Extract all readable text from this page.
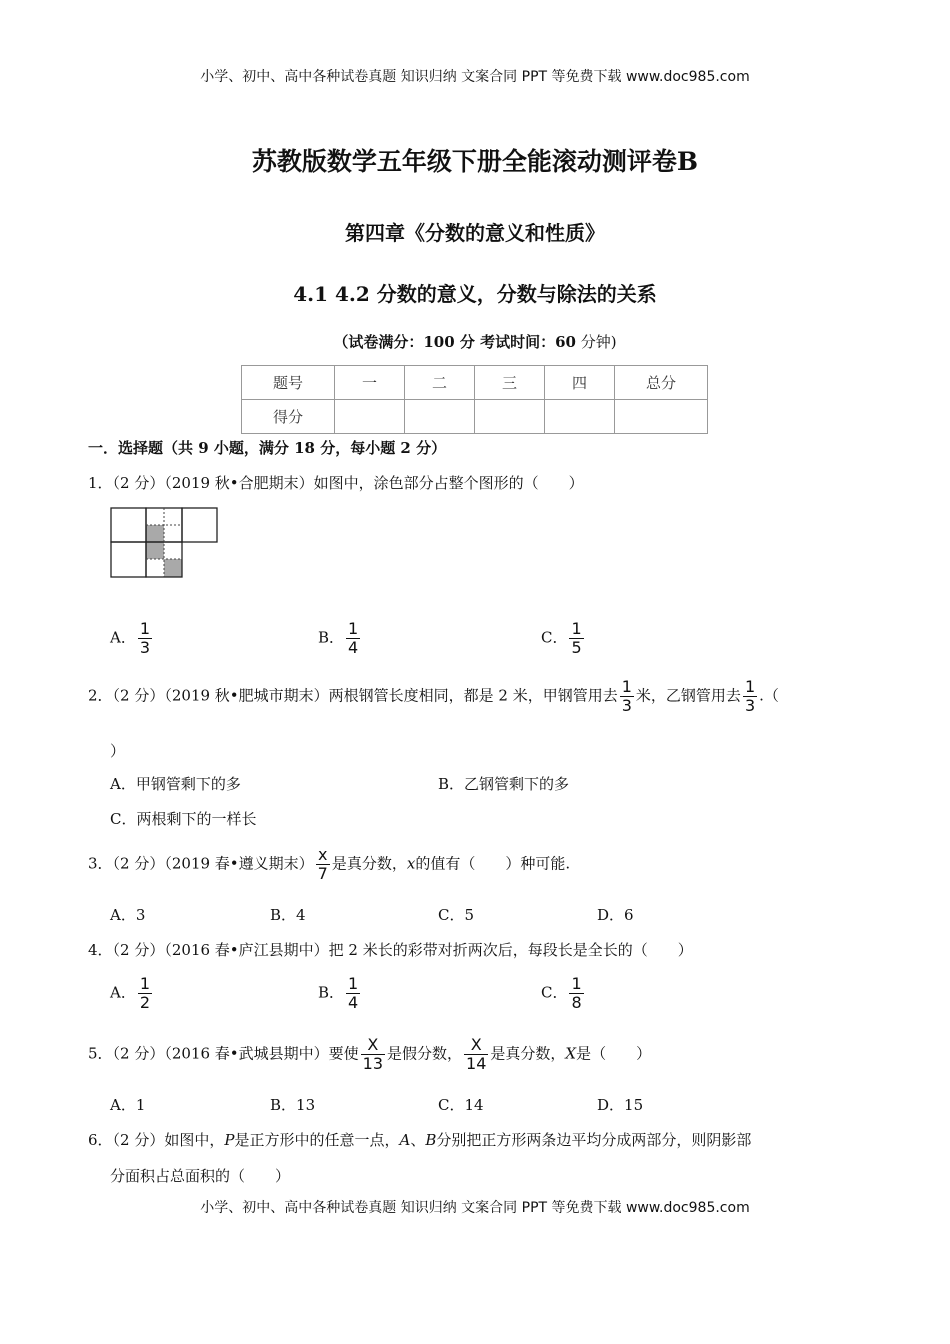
小学、初中、高中各种试卷真题 知识归纳 文案合同 PPT 等免费下载 www.doc985.com
苏教版数学五年级下册全能滚动测评卷B
第四章《分数的意义和性质》
4.1 4.2 分数的意义，分数与除法的关系
（试卷满分：100 分 考试时间：60 分钟)
题号	一	二	三	四	总分
得分					
一．选择题（共 9 小题，满分 18 分，每小题 2 分）
1．（2 分）（2019 秋•合肥期末）如图中，涂色部分占整个图形的（　　）
A． $\frac{1}{3}$	B． $\frac{1}{4}$	C． $\frac{1}{5}$
2．（2 分）（2019 秋•肥城市期末）两根钢管长度相同，都是 2 米，甲钢管用去 $\frac{1}{3}$ 米，乙钢管用去 $\frac{1}{3}$ .（
）
A．甲钢管剩下的多	B．乙钢管剩下的多
C．两根剩下的一样长
3．（2 分）（2019 春•遵义期末） $\frac{x}{7}$ 是真分数，x的值有（　　）种可能.
A．3	B．4	C．5	D．6
4．（2 分）（2016 春•庐江县期中）把 2 米长的彩带对折两次后，每段长是全长的（　　）
A． $\frac{1}{2}$	B． $\frac{1}{4}$	C． $\frac{1}{8}$
5．（2 分）（2016 春•武城县期中）要使 $\frac{X}{13}$ 是假分数， $\frac{X}{14}$ 是真分数，X是（　　）
A．1	B．13	C．14	D．15
6．（2 分）如图中，P是正方形中的任意一点，A、B分别把正方形两条边平均分成两部分，则阴影部
分面积占总面积的（　　）
小学、初中、高中各种试卷真题 知识归纳 文案合同 PPT 等免费下载 www.doc985.com
